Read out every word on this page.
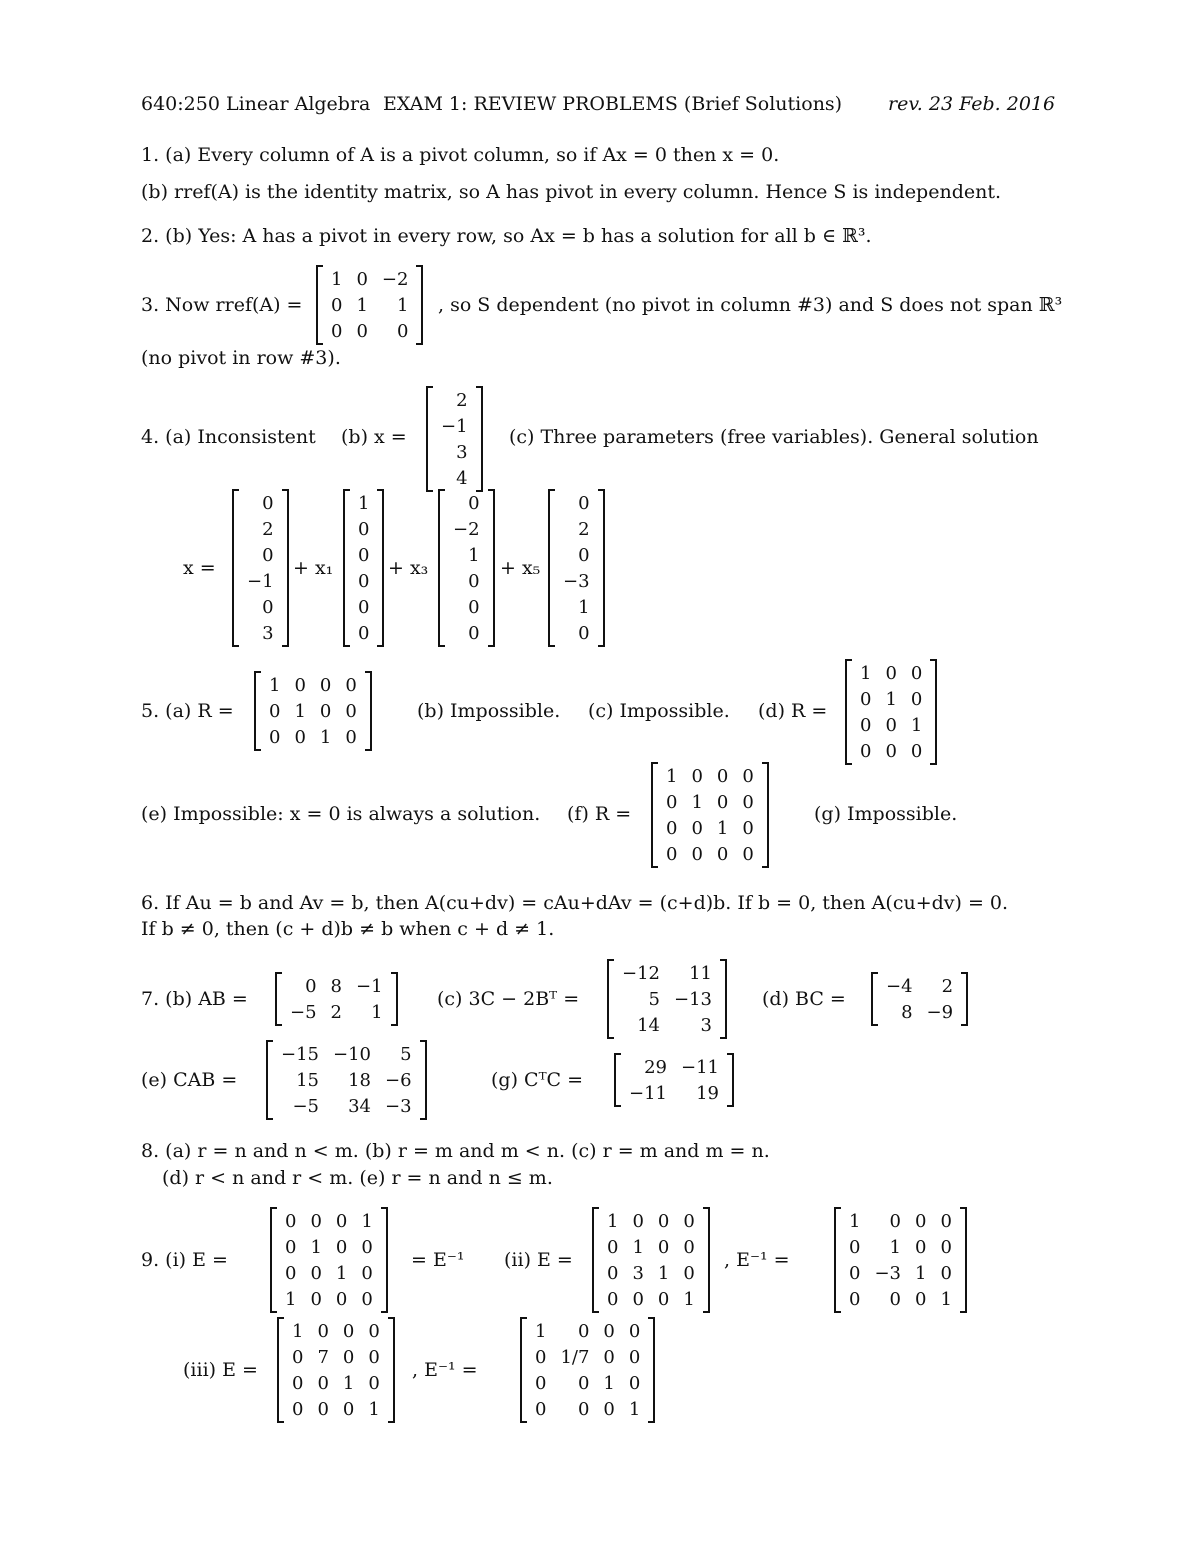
640:250 Linear Algebra EXAM 1: REVIEW PROBLEMS (Brief Solutions) rev. 23 Feb. 2016
1. (a) Every column of A is a pivot column, so if Ax = 0 then x = 0.
(b) rref(A) is the identity matrix, so A has pivot in every column. Hence S is independent.
2. (b) Yes: A has a pivot in every row, so Ax = b has a solution for all b ∈ ℝ³.
3. Now rref(A) =
1	0	−2
0	1	1
0	0	0
, so S dependent (no pivot in column #3) and S does not span ℝ³
(no pivot in row #3).
4. (a) Inconsistent (b) x =
2
−1
3
4
(c) Three parameters (free variables). General solution
x =
0
2
0
−1
0
3
+ x₁
1
0
0
0
0
0
+ x₃
0
−2
1
0
0
0
+ x₅
0
2
0
−3
1
0
5. (a) R =
1	0	0	0
0	1	0	0
0	0	1	0
(b) Impossible. (c) Impossible. (d) R =
1	0	0
0	1	0
0	0	1
0	0	0
(e) Impossible: x = 0 is always a solution. (f) R =
1	0	0	0
0	1	0	0
0	0	1	0
0	0	0	0
(g) Impossible.
6. If Au = b and Av = b, then A(cu+dv) = cAu+dAv = (c+d)b. If b = 0, then A(cu+dv) = 0.
If b ≠ 0, then (c + d)b ≠ b when c + d ≠ 1.
7. (b) AB =
0	8	−1
−5	2	1
(c) 3C − 2Bᵀ =
−12	11
5	−13
14	3
(d) BC =
−4	2
8	−9
(e) CAB =
−15	−10	5
15	18	−6
−5	34	−3
(g) CᵀC =
29	−11
−11	19
8. (a) r = n and n < m. (b) r = m and m < n. (c) r = m and m = n.
(d) r < n and r < m. (e) r = n and n ≤ m.
9. (i) E =
0	0	0	1
0	1	0	0
0	0	1	0
1	0	0	0
= E⁻¹ (ii) E =
1	0	0	0
0	1	0	0
0	3	1	0
0	0	0	1
, E⁻¹ =
1	0	0	0
0	1	0	0
0	−3	1	0
0	0	0	1
(iii) E =
1	0	0	0
0	7	0	0
0	0	1	0
0	0	0	1
, E⁻¹ =
1	0	0	0
0	1/7	0	0
0	0	1	0
0	0	0	1
